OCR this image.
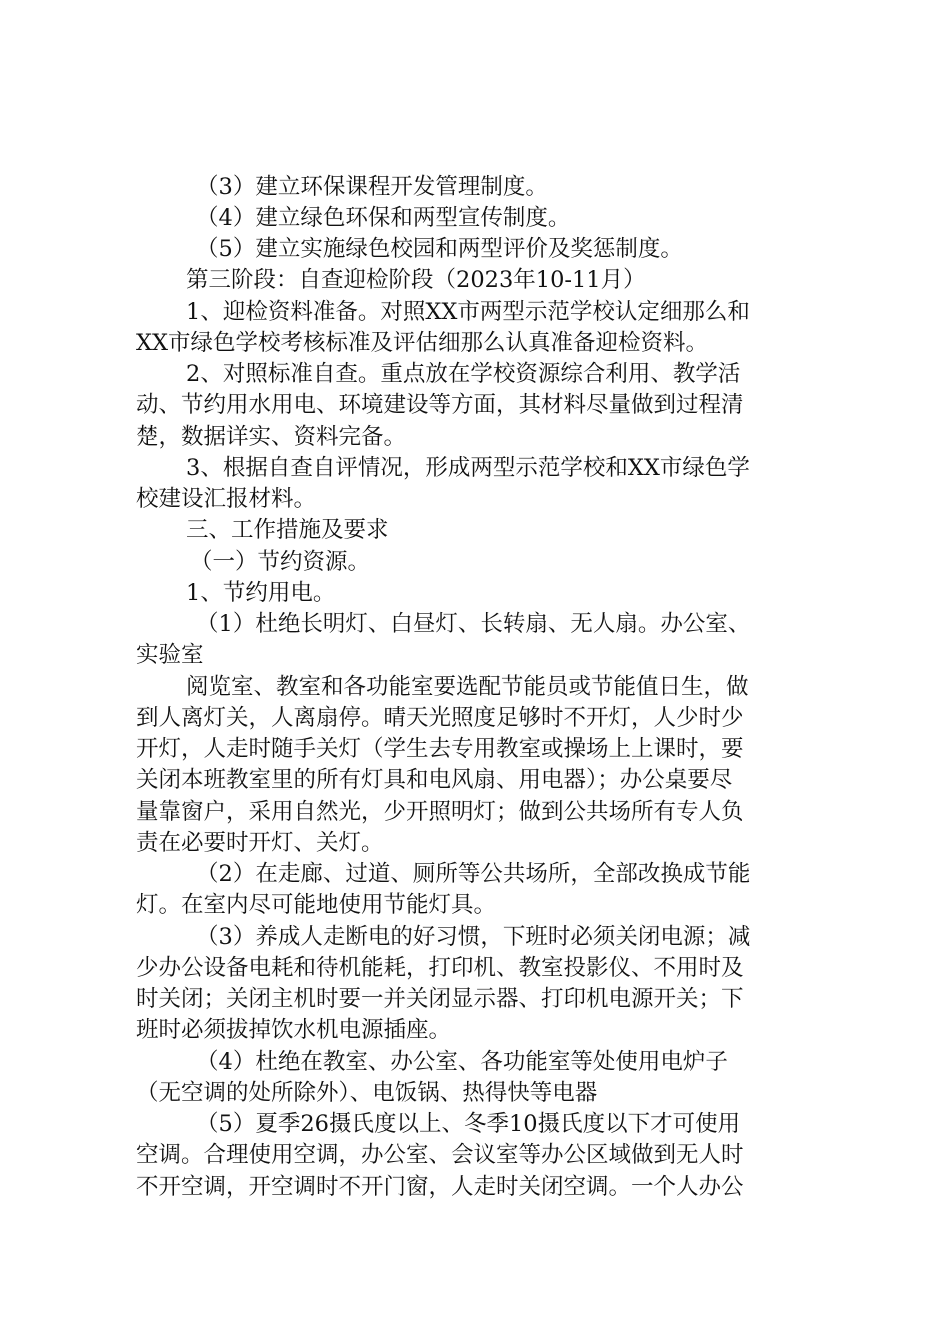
（3）建立环保课程开发管理制度。
（4）建立绿色环保和两型宣传制度。
（5）建立实施绿色校园和两型评价及奖惩制度。
第三阶段：自查迎检阶段（2023年10-11月）
1、迎检资料准备。对照XX市两型示范学校认定细那么和
XX市绿色学校考核标准及评估细那么认真准备迎检资料。
2、对照标准自查。重点放在学校资源综合利用、教学活
动、节约用水用电、环境建设等方面，其材料尽量做到过程清
楚，数据详实、资料完备。
3、根据自查自评情况，形成两型示范学校和XX市绿色学
校建设汇报材料。
三、工作措施及要求
（一）节约资源。
1、节约用电。
（1）杜绝长明灯、白昼灯、长转扇、无人扇。办公室、
实验室
阅览室、教室和各功能室要选配节能员或节能值日生，做
到人离灯关，人离扇停。晴天光照度足够时不开灯，人少时少
开灯，人走时随手关灯（学生去专用教室或操场上上课时，要
关闭本班教室里的所有灯具和电风扇、用电器）；办公桌要尽
量靠窗户，采用自然光，少开照明灯；做到公共场所有专人负
责在必要时开灯、关灯。
（2）在走廊、过道、厕所等公共场所，全部改换成节能
灯。在室内尽可能地使用节能灯具。
（3）养成人走断电的好习惯，下班时必须关闭电源；减
少办公设备电耗和待机能耗，打印机、教室投影仪、不用时及
时关闭；关闭主机时要一并关闭显示器、打印机电源开关；下
班时必须拔掉饮水机电源插座。
（4）杜绝在教室、办公室、各功能室等处使用电炉子
（无空调的处所除外）、电饭锅、热得快等电器
（5）夏季26摄氏度以上、冬季10摄氏度以下才可使用
空调。合理使用空调，办公室、会议室等办公区域做到无人时
不开空调，开空调时不开门窗，人走时关闭空调。一个人办公
